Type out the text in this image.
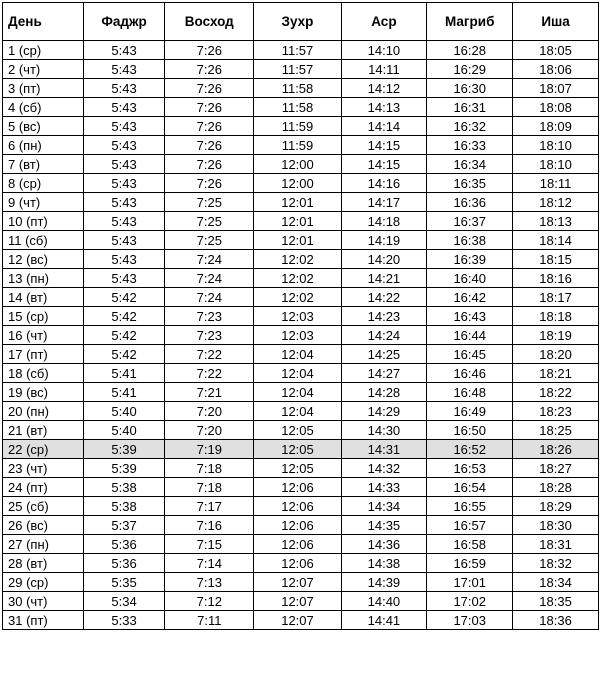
День	Фаджр	Восход	Зухр	Аср	Магриб	Иша
1 (ср)	5:43	7:26	11:57	14:10	16:28	18:05
2 (чт)	5:43	7:26	11:57	14:11	16:29	18:06
3 (пт)	5:43	7:26	11:58	14:12	16:30	18:07
4 (сб)	5:43	7:26	11:58	14:13	16:31	18:08
5 (вс)	5:43	7:26	11:59	14:14	16:32	18:09
6 (пн)	5:43	7:26	11:59	14:15	16:33	18:10
7 (вт)	5:43	7:26	12:00	14:15	16:34	18:10
8 (ср)	5:43	7:26	12:00	14:16	16:35	18:11
9 (чт)	5:43	7:25	12:01	14:17	16:36	18:12
10 (пт)	5:43	7:25	12:01	14:18	16:37	18:13
11 (сб)	5:43	7:25	12:01	14:19	16:38	18:14
12 (вс)	5:43	7:24	12:02	14:20	16:39	18:15
13 (пн)	5:43	7:24	12:02	14:21	16:40	18:16
14 (вт)	5:42	7:24	12:02	14:22	16:42	18:17
15 (ср)	5:42	7:23	12:03	14:23	16:43	18:18
16 (чт)	5:42	7:23	12:03	14:24	16:44	18:19
17 (пт)	5:42	7:22	12:04	14:25	16:45	18:20
18 (сб)	5:41	7:22	12:04	14:27	16:46	18:21
19 (вс)	5:41	7:21	12:04	14:28	16:48	18:22
20 (пн)	5:40	7:20	12:04	14:29	16:49	18:23
21 (вт)	5:40	7:20	12:05	14:30	16:50	18:25
22 (ср)	5:39	7:19	12:05	14:31	16:52	18:26
23 (чт)	5:39	7:18	12:05	14:32	16:53	18:27
24 (пт)	5:38	7:18	12:06	14:33	16:54	18:28
25 (сб)	5:38	7:17	12:06	14:34	16:55	18:29
26 (вс)	5:37	7:16	12:06	14:35	16:57	18:30
27 (пн)	5:36	7:15	12:06	14:36	16:58	18:31
28 (вт)	5:36	7:14	12:06	14:38	16:59	18:32
29 (ср)	5:35	7:13	12:07	14:39	17:01	18:34
30 (чт)	5:34	7:12	12:07	14:40	17:02	18:35
31 (пт)	5:33	7:11	12:07	14:41	17:03	18:36
